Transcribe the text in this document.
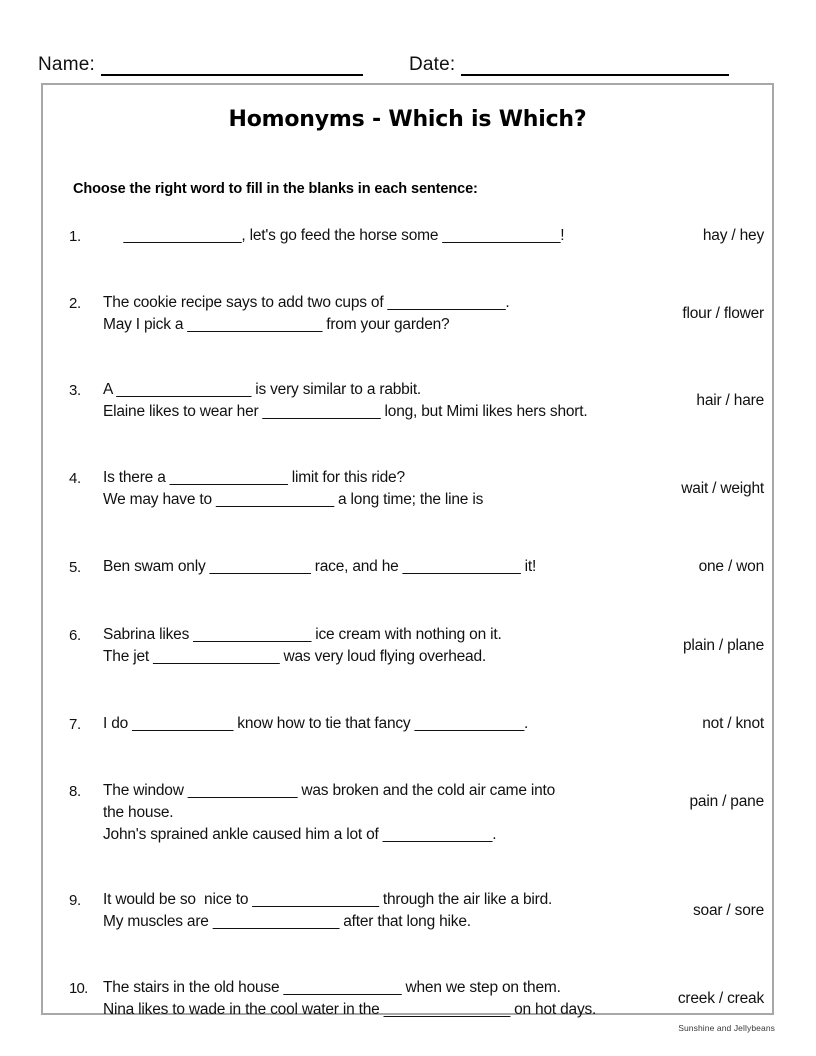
Name:	Date:
Homonyms - Which is Which?
Choose the right word to fill in the blanks in each sentence:
1.	______________, let's go feed the horse some ______________!	hay / hey
2.	The cookie recipe says to add two cups of ______________.
May I pick a ________________ from your garden?
flour / flower
3.	A ________________ is very similar to a rabbit.
Elaine likes to wear her ______________ long, but Mimi likes hers short.
hair / hare
4.	Is there a ______________ limit for this ride?
We may have to ______________ a long time; the line is
wait / weight
5.	Ben swam only ____________ race, and he ______________ it!	one / won
6.	Sabrina likes ______________ ice cream with nothing on it.
The jet _______________ was very loud flying overhead.
plain / plane
7.	I do ____________ know how to tie that fancy _____________.	not / knot
8.	The window _____________ was broken and the cold air came into
the house.
John's sprained ankle caused him a lot of _____________.
pain / pane
9.	It would be so  nice to _______________ through the air like a bird.
My muscles are _______________ after that long hike.
soar / sore
10.	The stairs in the old house ______________ when we step on them.
Nina likes to wade in the cool water in the _______________ on hot days.
creek / creak
Sunshine and Jellybeans
